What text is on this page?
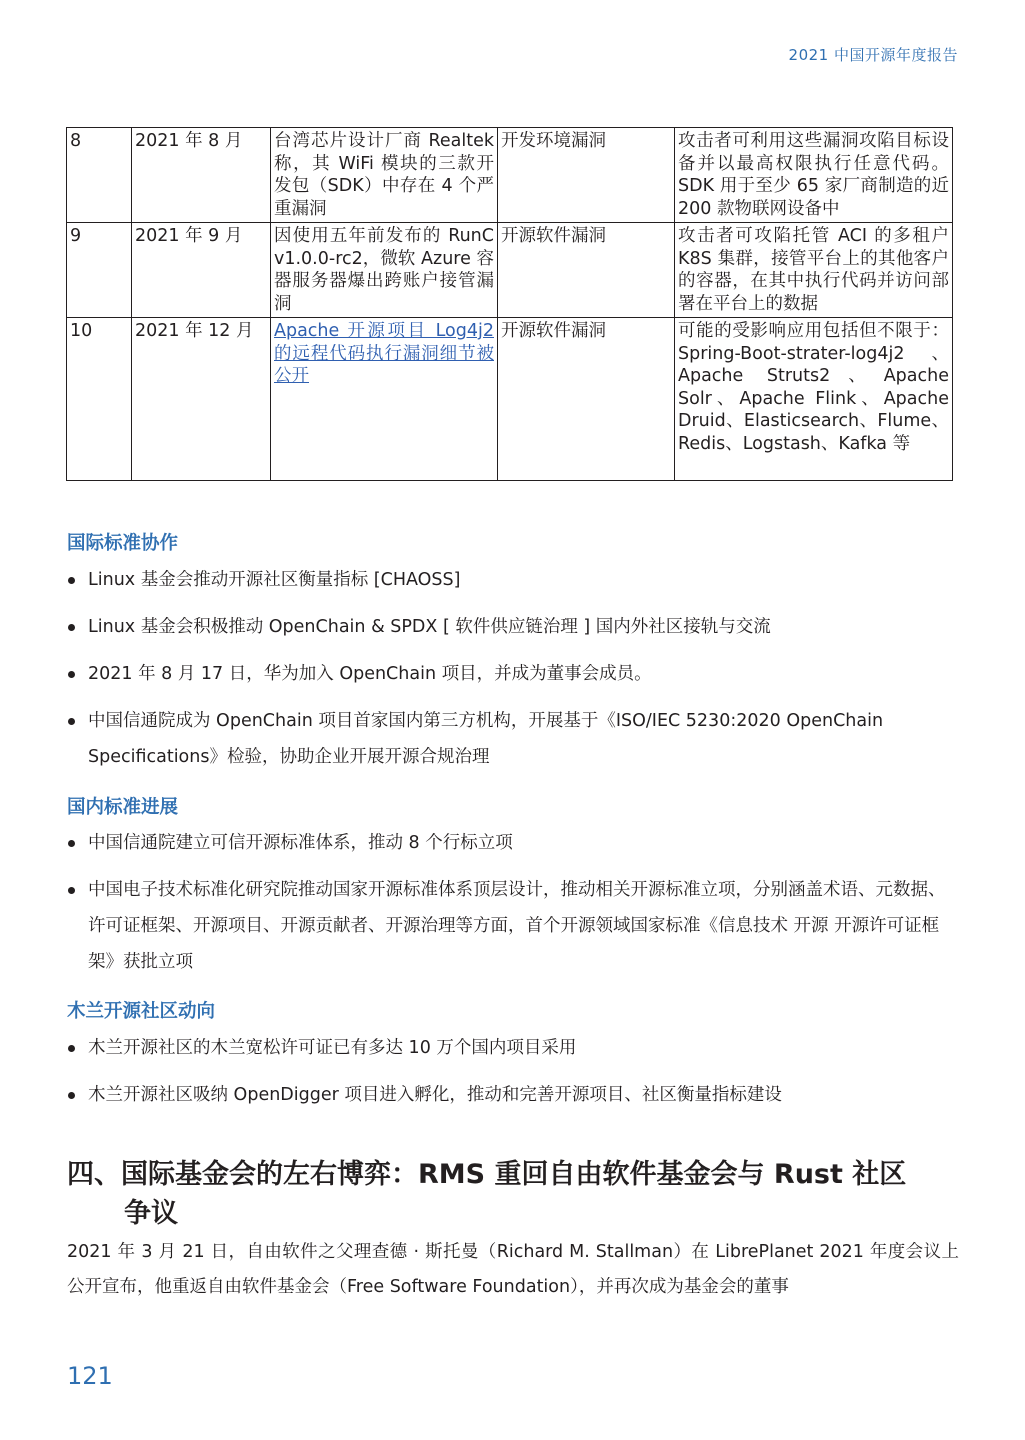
2021 中国开源年度报告
8	2021 年 8 月	台湾芯片设计厂商 Realtek 称，其 WiFi 模块的三款开发包（SDK）中存在 4 个严重漏洞	开发环境漏洞	攻击者可利用这些漏洞攻陷目标设备并以最高权限执行任意代码。SDK 用于至少 65 家厂商制造的近 200 款物联网设备中
9	2021 年 9 月	因使用五年前发布的 RunC v1.0.0-rc2，微软 Azure 容器服务器爆出跨账户接管漏洞	开源软件漏洞	攻击者可攻陷托管 ACI 的多租户 K8S 集群，接管平台上的其他客户的容器，在其中执行代码并访问部署在平台上的数据
10	2021 年 12 月	Apache 开源项目 Log4j2 的远程代码执行漏洞细节被公开	开源软件漏洞	可能的受影响应用包括但不限于：Spring-Boot-strater-log4j2、Apache Struts2、Apache Solr、Apache Flink、Apache Druid、Elasticsearch、Flume、Redis、Logstash、Kafka 等
国际标准协作
Linux 基金会推动开源社区衡量指标 [CHAOSS]
Linux 基金会积极推动 OpenChain & SPDX [ 软件供应链治理 ] 国内外社区接轨与交流
2021 年 8 月 17 日，华为加入 OpenChain 项目，并成为董事会成员。
中国信通院成为 OpenChain 项目首家国内第三方机构，开展基于《ISO/IEC 5230:2020 OpenChain Specifications》检验，协助企业开展开源合规治理
国内标准进展
中国信通院建立可信开源标准体系，推动 8 个行标立项
中国电子技术标准化研究院推动国家开源标准体系顶层设计，推动相关开源标准立项，分别涵盖术语、元数据、许可证框架、开源项目、开源贡献者、开源治理等方面，首个开源领域国家标准《信息技术 开源 开源许可证框架》获批立项
木兰开源社区动向
木兰开源社区的木兰宽松许可证已有多达 10 万个国内项目采用
木兰开源社区吸纳 OpenDigger 项目进入孵化，推动和完善开源项目、社区衡量指标建设
四、国际基金会的左右博弈：RMS 重回自由软件基金会与 Rust 社区
争议

2021 年 3 月 21 日，自由软件之父理查德 · 斯托曼（Richard M. Stallman）在 LibrePlanet 2021 年度会议上公开宣布，他重返自由软件基金会（Free Software Foundation），并再次成为基金会的董事

121
